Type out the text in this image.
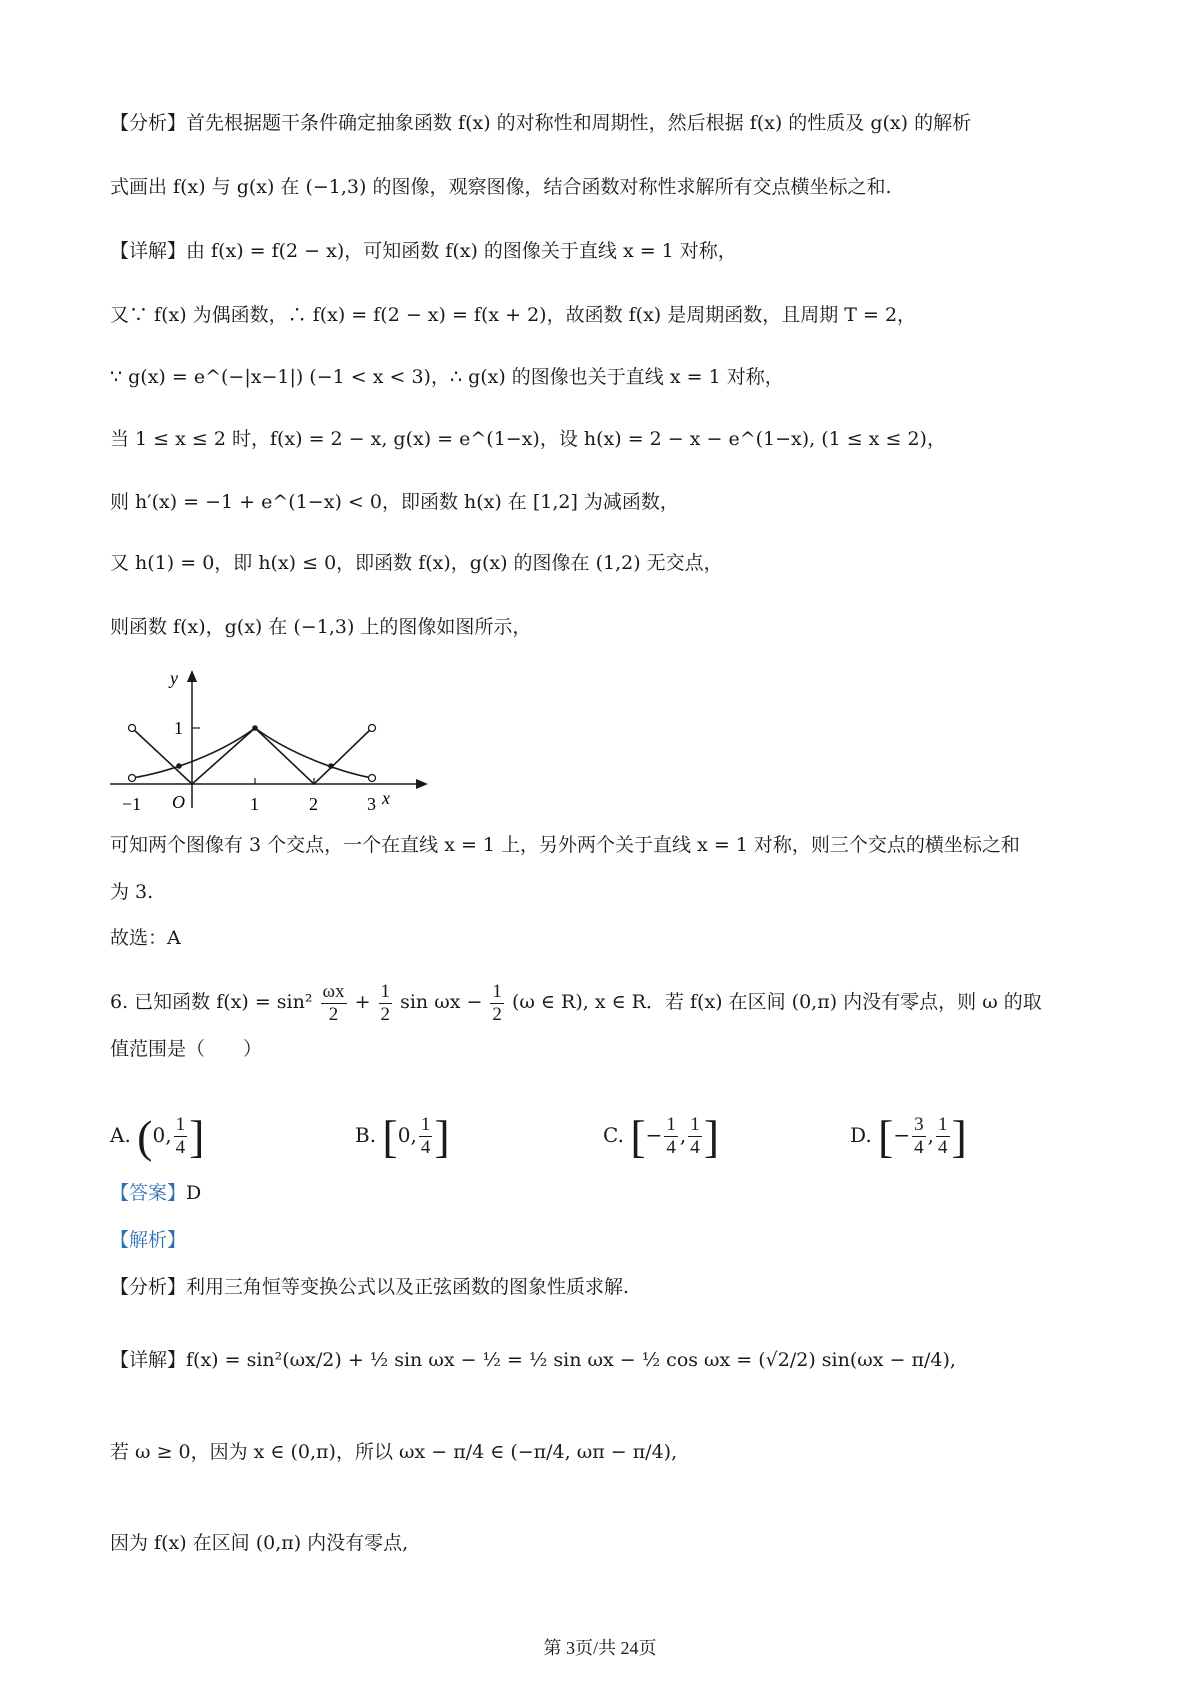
【分析】首先根据题干条件确定抽象函数 f(x) 的对称性和周期性，然后根据 f(x) 的性质及 g(x) 的解析
式画出 f(x) 与 g(x) 在 (−1,3) 的图像，观察图像，结合函数对称性求解所有交点横坐标之和.
【详解】由 f(x) = f(2 − x)，可知函数 f(x) 的图像关于直线 x = 1 对称，
又∵ f(x) 为偶函数，∴ f(x) = f(2 − x) = f(x + 2)，故函数 f(x) 是周期函数，且周期 T = 2，
∵ g(x) = e^(−|x−1|) (−1 < x < 3)，∴ g(x) 的图像也关于直线 x = 1 对称，
当 1 ≤ x ≤ 2 时，f(x) = 2 − x, g(x) = e^(1−x)，设 h(x) = 2 − x − e^(1−x), (1 ≤ x ≤ 2)，
则 h′(x) = −1 + e^(1−x) < 0，即函数 h(x) 在 [1,2] 为减函数，
又 h(1) = 0，即 h(x) ≤ 0，即函数 f(x)，g(x) 的图像在 (1,2) 无交点，
则函数 f(x)，g(x) 在 (−1,3) 上的图像如图所示，
y
x
O
1
−1	1	2	3
可知两个图像有 3 个交点，一个在直线 x = 1 上，另外两个关于直线 x = 1 对称，则三个交点的横坐标之和
为 3.
故选：A
6. 已知函数 $f(x) = \sin^2 \frac{\omega x}{2} + \frac{1}{2}$ $\sin \omega x - \frac{1}{2} (\omega$ ∈ R), x ∈ R．若 f(x) 在区间 (0,π) 内没有零点，则 ω 的取
值范围是（　　）
A. (0, $\frac{1}{4}$ ]	B. [0, $\frac{1}{4}$ ]	C. [− $\frac{1}{4}$ , $\frac{1}{4}$ ]	D. [− $\frac{3}{4}$ , $\frac{1}{4}$ ]
【答案】D
【解析】
【分析】利用三角恒等变换公式以及正弦函数的图象性质求解.
【详解】f(x) = sin²(ωx/2) + ½ sin ωx − ½ = ½ sin ωx − ½ cos ωx = (√2/2) sin(ωx − π/4),
若 ω ≥ 0，因为 x ∈ (0,π)，所以 ωx − π/4 ∈ (−π/4, ωπ − π/4),
因为 f(x) 在区间 (0,π) 内没有零点,
第 3页/共 24页
